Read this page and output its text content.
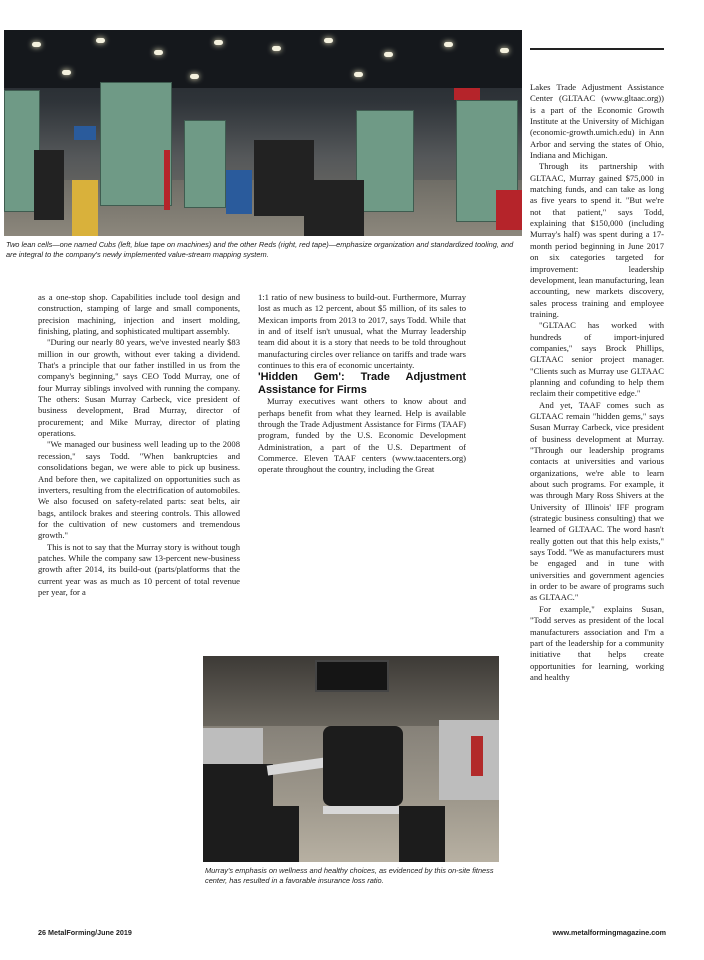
Two lean cells—one named Cubs (left, blue tape on machines) and the other Reds (right, red tape)—emphasize organization and standardized tooling, and are integral to the company's newly implemented value-stream mapping system.

Lakes Trade Adjustment Assistance Center (GLTAAC (www.gltaac.org)) is a part of the Economic Growth Institute at the University of Michigan (economic-growth.umich.edu) in Ann Arbor and serving the states of Ohio, Indiana and Michigan.

Through its partnership with GLTAAC, Murray gained $75,000 in matching funds, and can take as long as five years to spend it. "But we're not that patient," says Todd, explaining that $150,000 (including Murray's half) was spent during a 17-month period beginning in June 2017 on six categories targeted for improvement: leadership development, lean manufacturing, lean accounting, new markets discovery, sales process training and employee training.

"GLTAAC has worked with hundreds of import-injured companies," says Brock Phillips, GLTAAC senior project manager. "Clients such as Murray use GLTAAC planning and cofunding to help them reclaim their competitive edge."

And yet, TAAF comes such as GLTAAC remain "hidden gems," says Susan Murray Carbeck, vice president of business development at Murray. "Through our leadership programs contacts at universities and various organizations, we're able to learn about such programs. For example, it was through Mary Ross Shivers at the University of Illinois' IFF program (strategic business consulting) that we learned of GLTAAC. The word hasn't really gotten out that this help exists," says Todd. "We as manufacturers must be engaged and in tune with universities and government agencies in order to be aware of programs such as GLTAAC."

For example," explains Susan, "Todd serves as president of the local manufacturers association and I'm a part of the leadership for a community initiative that helps create opportunities for learning, working and healthy

as a one-stop shop. Capabilities include tool design and construction, stamping of large and small components, precision machining, injection and insert molding, finishing, plating, and sophisticated multipart assembly.

"During our nearly 80 years, we've invested nearly $83 million in our growth, without ever taking a dividend. That's a principle that our father instilled in us from the company's beginning," says CEO Todd Murray, one of four Murray siblings involved with running the company. The others: Susan Murray Carbeck, vice president of business development, Brad Murray, director of procurement; and Mike Murray, director of plating operations.

"We managed our business well leading up to the 2008 recession," says Todd. "When bankruptcies and consolidations began, we were able to pick up business. And before then, we capitalized on opportunities such as inverters, resulting from the electrification of automobiles. We also focused on safety-related parts: seat belts, air bags, antilock brakes and steering controls. This allowed for the cultivation of new customers and tremendous growth."

This is not to say that the Murray story is without tough patches. While the company saw 13-percent new-business growth after 2014, its build-out (parts/platforms that the current year was as much as 10 percent of total revenue per year, for a

1:1 ratio of new business to build-out. Furthermore, Murray lost as much as 12 percent, about $5 million, of its sales to Mexican imports from 2013 to 2017, says Todd. While that in and of itself isn't unusual, what the Murray leadership team did about it is a story that needs to be told throughout manufacturing circles over reliance on tariffs and trade wars continues to this era of economic uncertainty.

'Hidden Gem': Trade Adjustment Assistance for Firms

Murray executives want others to know about and perhaps benefit from what they learned. Help is available through the Trade Adjustment Assistance for Firms (TAAF) program, funded by the U.S. Economic Development Administration, a part of the U.S. Department of Commerce. Eleven TAAF centers (www.taacenters.org) operate throughout the country, including the Great

Murray's emphasis on wellness and healthy choices, as evidenced by this on-site fitness center, has resulted in a favorable insurance loss ratio.
26 MetalForming/June 2019	www.metalformingmagazine.com
